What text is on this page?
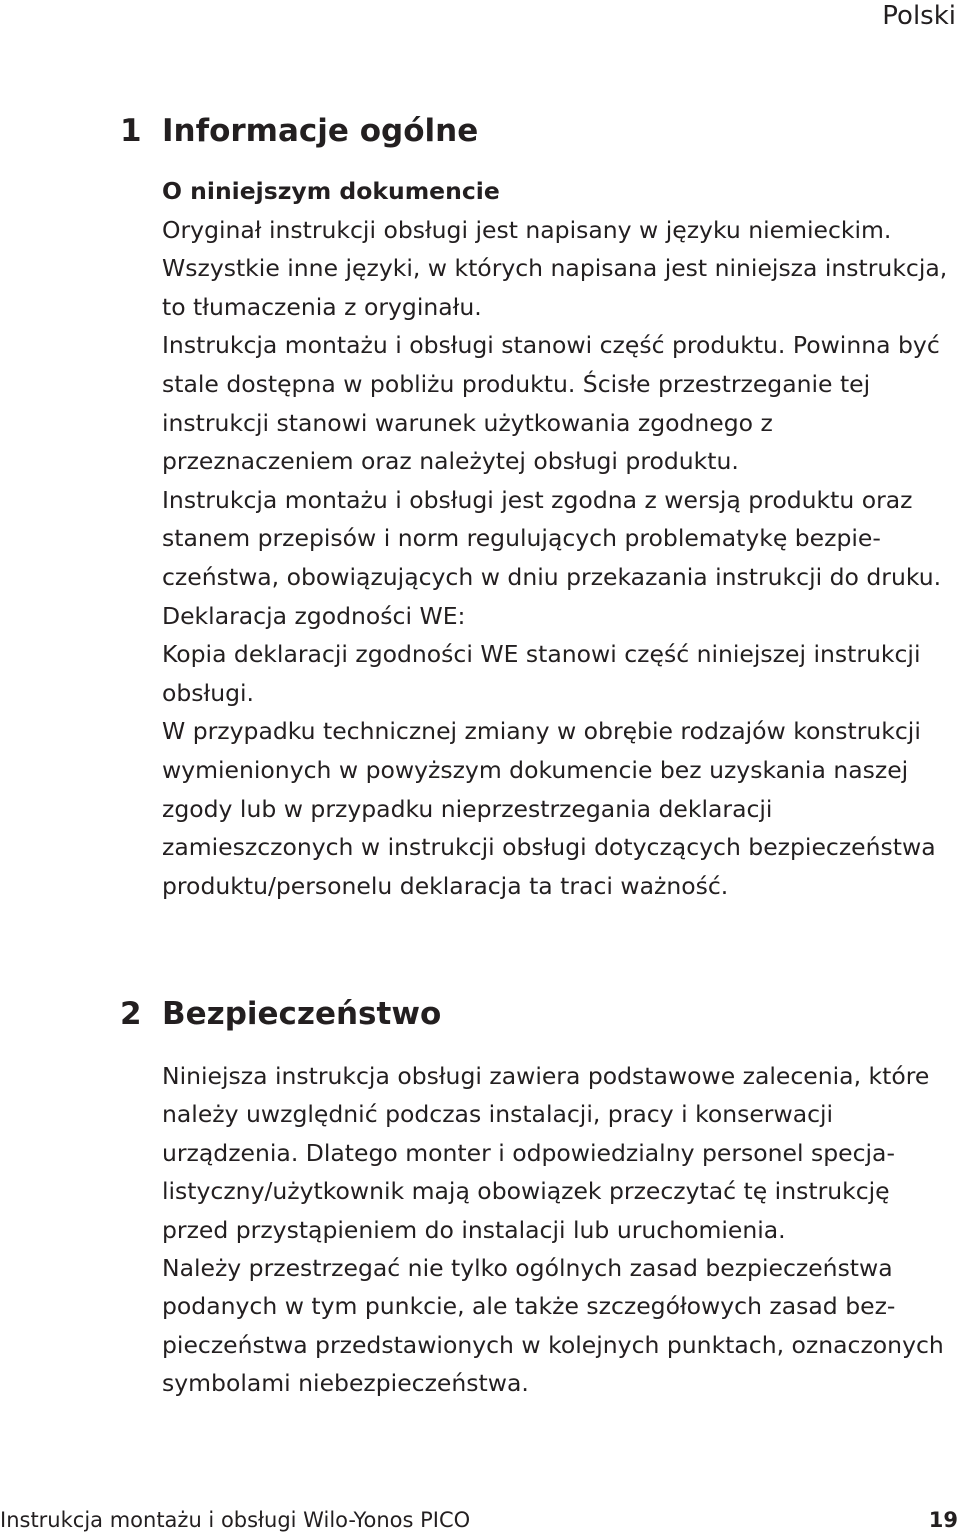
Polski
1 Informacje ogólne

O niniejszym dokumencie

Oryginał instrukcji obsługi jest napisany w języku niemieckim.

Wszystkie inne języki, w których napisana jest niniejsza instrukcja, to tłumaczenia z oryginału.

Instrukcja montażu i obsługi stanowi część produktu. Powinna być stale dostępna w pobliżu produktu. Ścisłe przestrzeganie tej instrukcji stanowi warunek użytkowania zgodnego z przeznaczeniem oraz należytej obsługi produktu.

Instrukcja montażu i obsługi jest zgodna z wersją produktu oraz stanem przepisów i norm regulujących problematykę bezpieczeństwa, obowiązujących w dniu przekazania instrukcji do druku.

Deklaracja zgodności WE:

Kopia deklaracji zgodności WE stanowi część niniejszej instrukcji obsługi.

W przypadku technicznej zmiany w obrębie rodzajów konstrukcji wymienionych w powyższym dokumencie bez uzyskania naszej zgody lub w przypadku nieprzestrzegania deklaracji zamieszczonych w instrukcji obsługi dotyczących bezpieczeństwa produktu/personelu deklaracja ta traci ważność.

2 Bezpieczeństwo

Niniejsza instrukcja obsługi zawiera podstawowe zalecenia, które należy uwzględnić podczas instalacji, pracy i konserwacji urządzenia. Dlatego monter i odpowiedzialny personel specjalistyczny/użytkownik mają obowiązek przeczytać tę instrukcję przed przystąpieniem do instalacji lub uruchomienia.

Należy przestrzegać nie tylko ogólnych zasad bezpieczeństwa podanych w tym punkcie, ale także szczegółowych zasad bezpieczeństwa przedstawionych w kolejnych punktach, oznaczonych symbolami niebezpieczeństwa.

Instrukcja montażu i obsługi Wilo-Yonos PICO	19
